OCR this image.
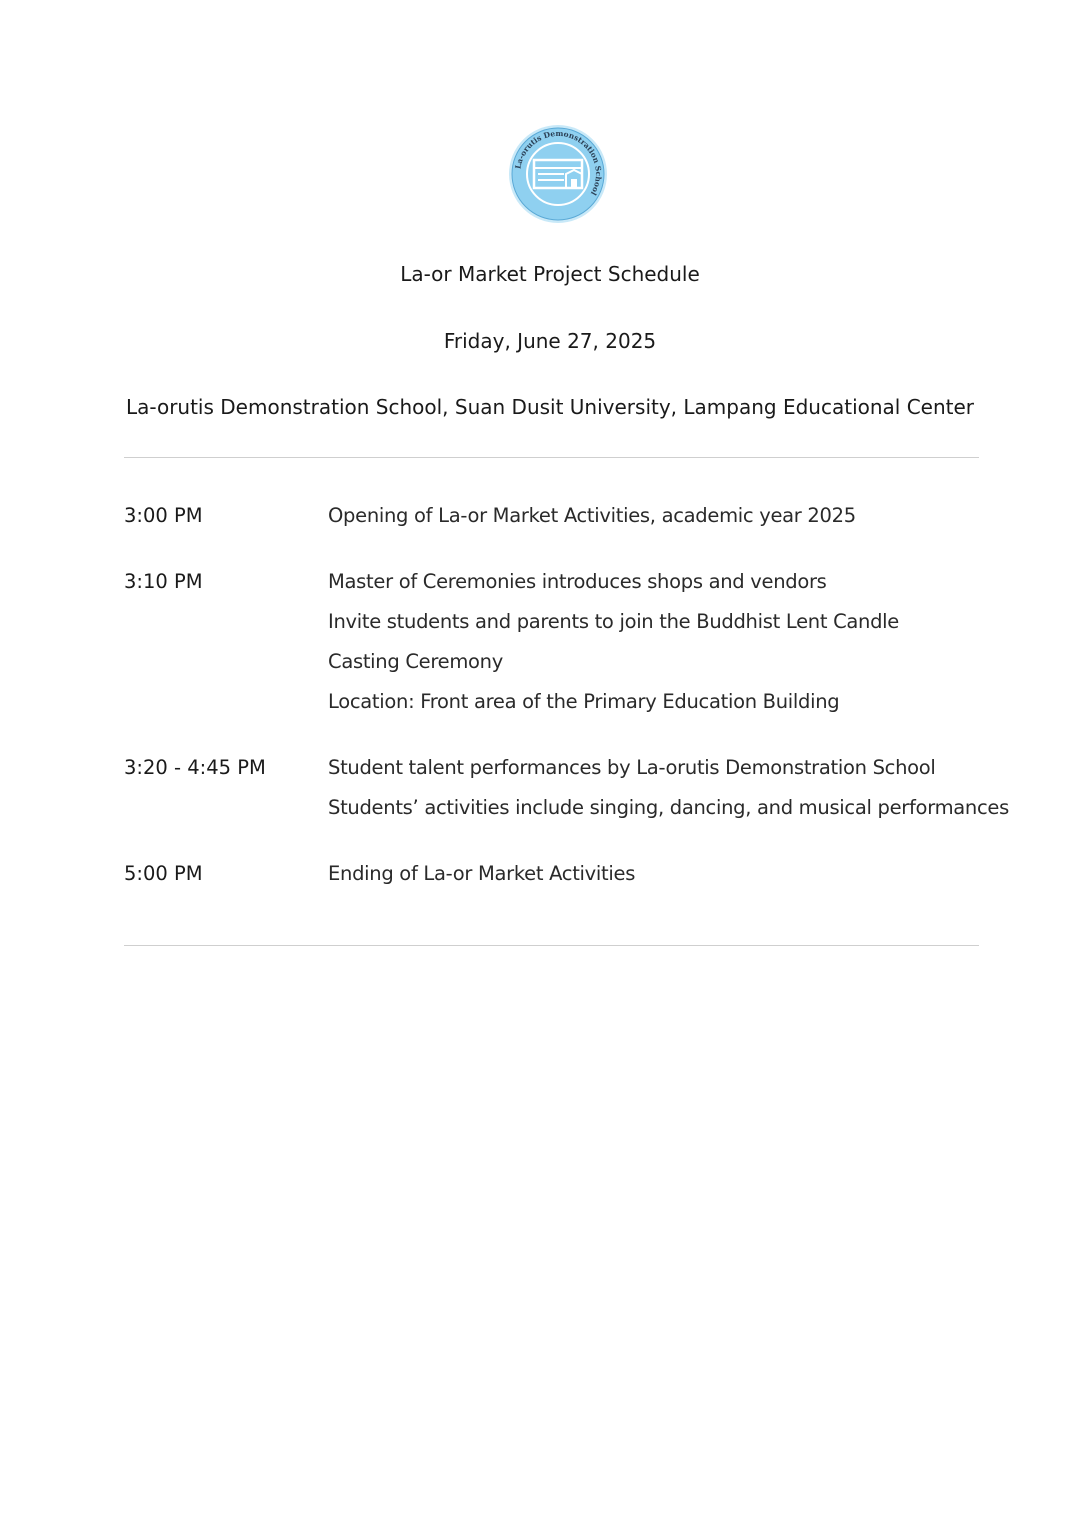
La-orutis Demonstration School
La-or Market Project Schedule
Friday, June 27, 2025
La-orutis Demonstration School, Suan Dusit University, Lampang Educational Center
3:00 PM	Opening of La-or Market Activities, academic year 2025
3:10 PM	Master of Ceremonies introduces shops and vendors
Invite students and parents to join the Buddhist Lent Candle
Casting Ceremony
Location: Front area of the Primary Education Building
3:20 - 4:45 PM	Student talent performances by La-orutis Demonstration School
Students’ activities include singing, dancing, and musical performances
5:00 PM	Ending of La-or Market Activities
